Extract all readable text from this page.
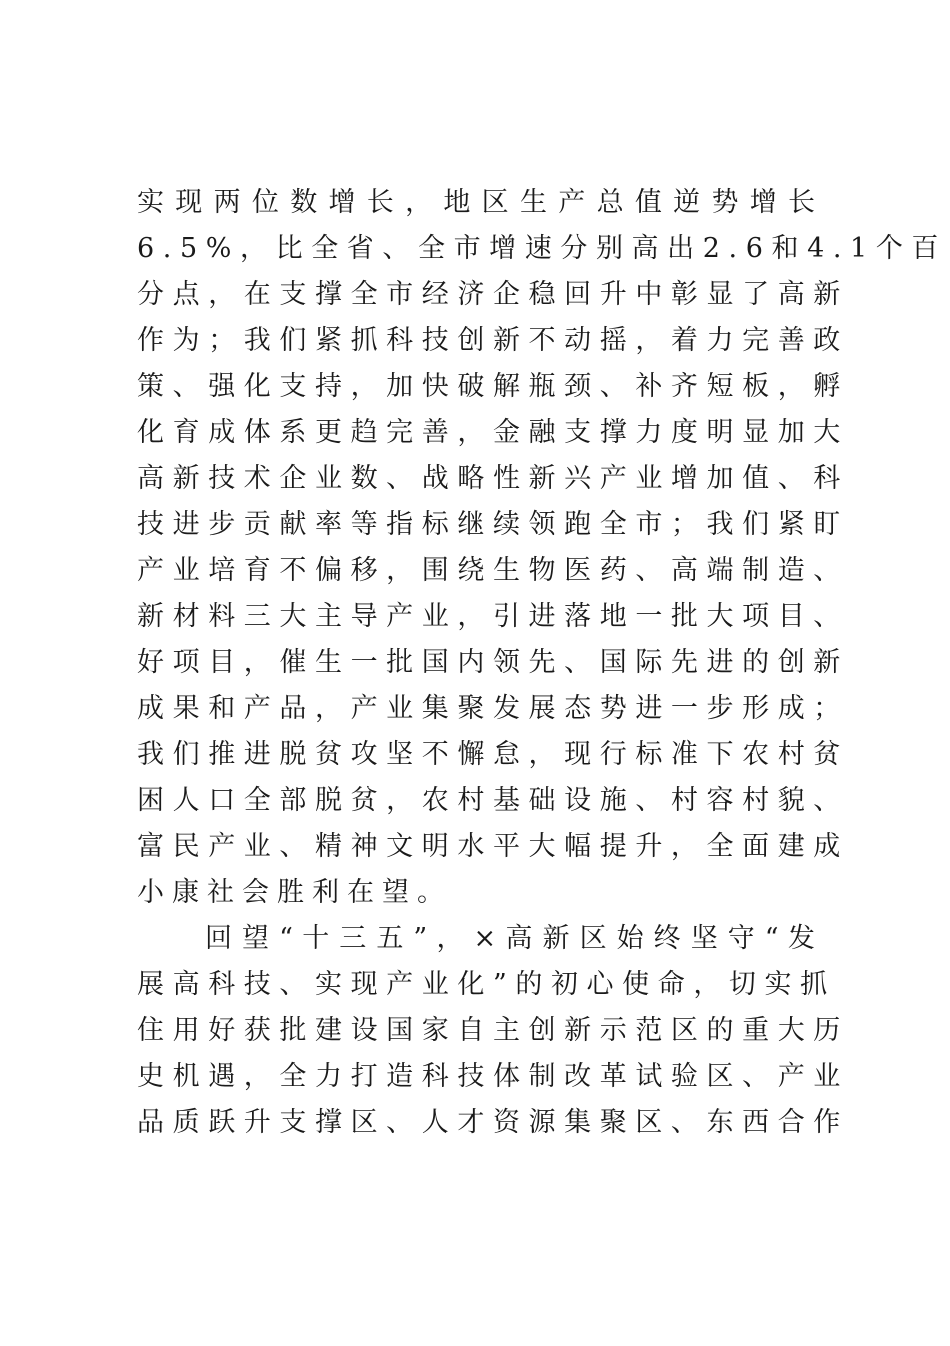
实 现 两 位 数 增 长 ， 地 区 生 产 总 值 逆 势 增 长
6 . 5 % ， 比 全 省 、 全 市 增 速 分 别 高 出 2 . 6 和 4 . 1 个 百
分 点 ， 在 支 撑 全 市 经 济 企 稳 回 升 中 彰 显 了 高 新
作 为 ； 我 们 紧 抓 科 技 创 新 不 动 摇 ， 着 力 完 善 政
策 、 强 化 支 持 ， 加 快 破 解 瓶 颈 、 补 齐 短 板 ， 孵
化 育 成 体 系 更 趋 完 善 ， 金 融 支 撑 力 度 明 显 加 大
高 新 技 术 企 业 数 、 战 略 性 新 兴 产 业 增 加 值 、 科
技 进 步 贡 献 率 等 指 标 继 续 领 跑 全 市 ； 我 们 紧 盯
产 业 培 育 不 偏 移 ， 围 绕 生 物 医 药 、 高 端 制 造 、
新 材 料 三 大 主 导 产 业 ， 引 进 落 地 一 批 大 项 目 、
好 项 目 ， 催 生 一 批 国 内 领 先 、 国 际 先 进 的 创 新
成 果 和 产 品 ， 产 业 集 聚 发 展 态 势 进 一 步 形 成 ；
我 们 推 进 脱 贫 攻 坚 不 懈 怠 ， 现 行 标 准 下 农 村 贫
困 人 口 全 部 脱 贫 ， 农 村 基 础 设 施 、 村 容 村 貌 、
富 民 产 业 、 精 神 文 明 水 平 大 幅 提 升 ， 全 面 建 成
小康社会胜利在望。
回 望 “ 十 三 五 ” ， × 高 新 区 始 终 坚 守 “ 发
展 高 科 技 、 实 现 产 业 化 ” 的 初 心 使 命 ， 切 实 抓
住 用 好 获 批 建 设 国 家 自 主 创 新 示 范 区 的 重 大 历
史 机 遇 ， 全 力 打 造 科 技 体 制 改 革 试 验 区 、 产 业
品 质 跃 升 支 撑 区 、 人 才 资 源 集 聚 区 、 东 西 合 作
